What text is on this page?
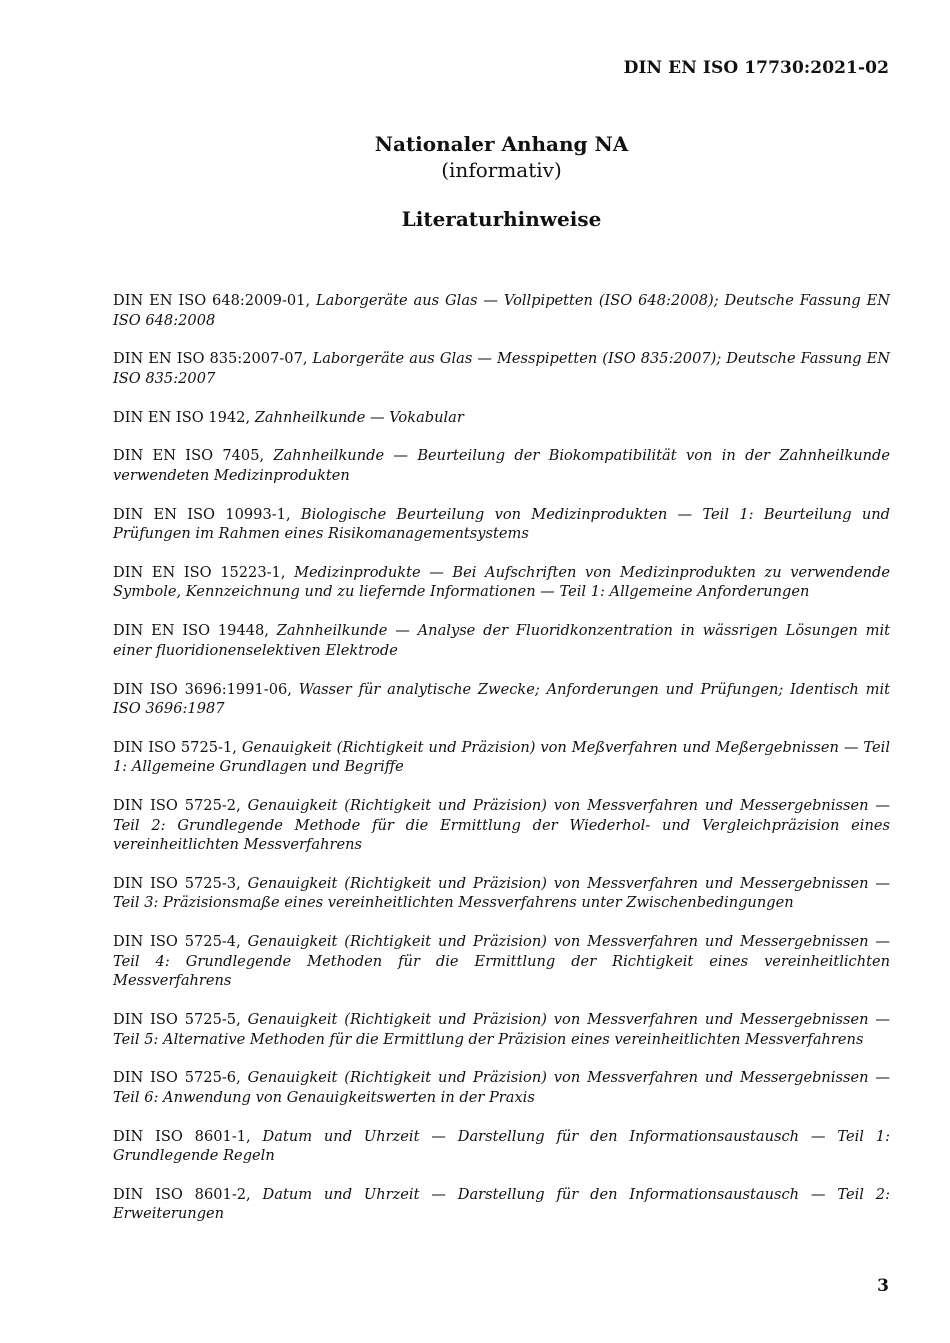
DIN EN ISO 17730:2021-02
Nationaler Anhang NA
(informativ)
Literaturhinweise

DIN EN ISO 648:2009-01, Laborgeräte aus Glas — Vollpipetten (ISO 648:2008); Deutsche Fassung EN ISO 648:2008

DIN EN ISO 835:2007-07, Laborgeräte aus Glas — Messpipetten (ISO 835:2007); Deutsche Fassung EN ISO 835:2007

DIN EN ISO 1942, Zahnheilkunde — Vokabular

DIN EN ISO 7405, Zahnheilkunde — Beurteilung der Biokompatibilität von in der Zahnheilkunde verwendeten Medizinprodukten

DIN EN ISO 10993-1, Biologische Beurteilung von Medizinprodukten — Teil 1: Beurteilung und Prüfungen im Rahmen eines Risikomanagementsystems

DIN EN ISO 15223-1, Medizinprodukte — Bei Aufschriften von Medizinprodukten zu verwendende Symbole, Kennzeichnung und zu liefernde Informationen — Teil 1: Allgemeine Anforderungen

DIN EN ISO 19448, Zahnheilkunde — Analyse der Fluoridkonzentration in wässrigen Lösungen mit einer fluoridionenselektiven Elektrode

DIN ISO 3696:1991-06, Wasser für analytische Zwecke; Anforderungen und Prüfungen; Identisch mit ISO 3696:1987

DIN ISO 5725-1, Genauigkeit (Richtigkeit und Präzision) von Meßverfahren und Meßergebnissen — Teil 1: Allgemeine Grundlagen und Begriffe

DIN ISO 5725-2, Genauigkeit (Richtigkeit und Präzision) von Messverfahren und Messergebnissen — Teil 2: Grundlegende Methode für die Ermittlung der Wiederhol- und Vergleichpräzision eines vereinheitlichten Messverfahrens

DIN ISO 5725-3, Genauigkeit (Richtigkeit und Präzision) von Messverfahren und Messergebnissen — Teil 3: Präzisionsmaße eines vereinheitlichten Messverfahrens unter Zwischenbedingungen

DIN ISO 5725-4, Genauigkeit (Richtigkeit und Präzision) von Messverfahren und Messergebnissen — Teil 4: Grundlegende Methoden für die Ermittlung der Richtigkeit eines vereinheitlichten Messverfahrens

DIN ISO 5725-5, Genauigkeit (Richtigkeit und Präzision) von Messverfahren und Messergebnissen — Teil 5: Alternative Methoden für die Ermittlung der Präzision eines vereinheitlichten Messverfahrens

DIN ISO 5725-6, Genauigkeit (Richtigkeit und Präzision) von Messverfahren und Messergebnissen — Teil 6: Anwendung von Genauigkeitswerten in der Praxis

DIN ISO 8601-1, Datum und Uhrzeit — Darstellung für den Informationsaustausch — Teil 1: Grundlegende Regeln

DIN ISO 8601-2, Datum und Uhrzeit — Darstellung für den Informationsaustausch — Teil 2: Erweiterungen

3
